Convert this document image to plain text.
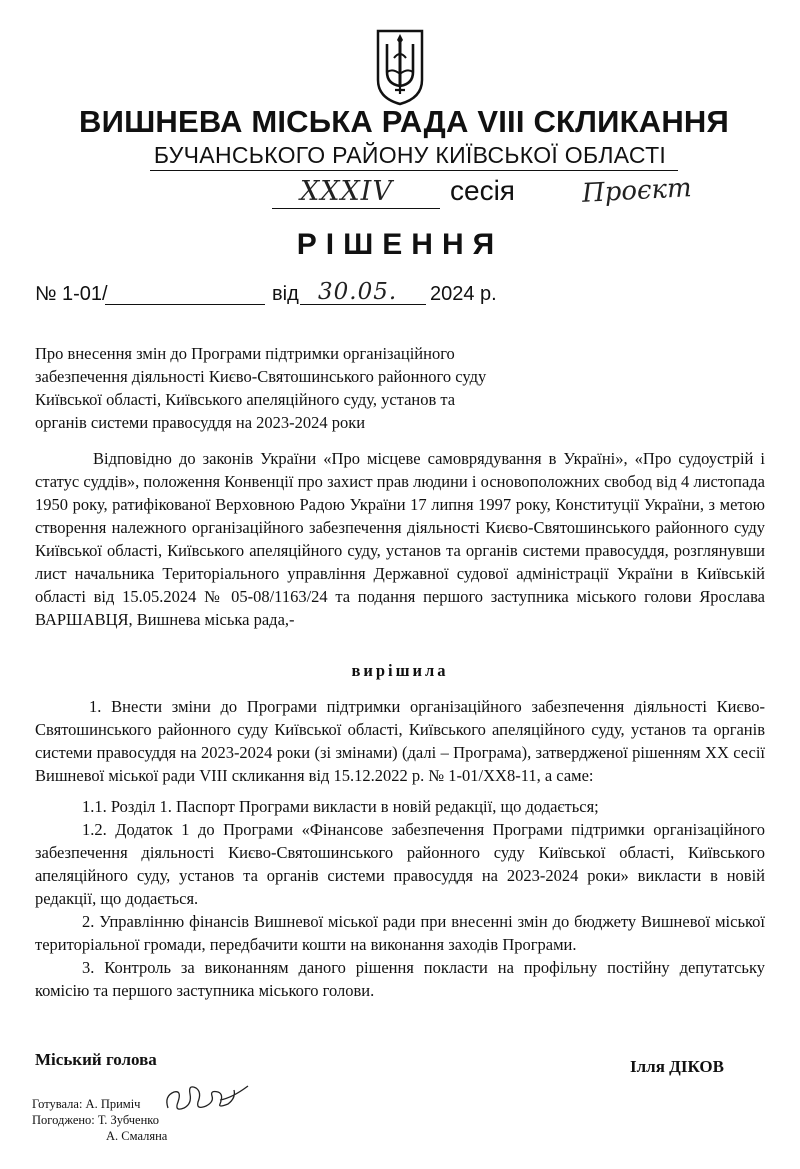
ВИШНЕВА МІСЬКА РАДА VIII СКЛИКАННЯ
БУЧАНСЬКОГО РАЙОНУ КИЇВСЬКОЇ ОБЛАСТІ
XXXIV сесія	Проєкт
РІШЕННЯ
№ 1-01/	від 30.05. 2024 р.
Про внесення змін до Програми підтримки організаційного забезпечення діяльності Києво-Святошинського районного суду Київської області, Київського апеляційного суду, установ та органів системи правосуддя на 2023-2024 роки
Відповідно до законів України «Про місцеве самоврядування в Україні», «Про судоустрій і статус суддів», положення Конвенції про захист прав людини і основоположних свобод від 4 листопада 1950 року, ратифікованої Верховною Радою України 17 липня 1997 року, Конституції України, з метою створення належного організаційного забезпечення діяльності Києво-Святошинського районного суду Київської області, Київського апеляційного суду, установ та органів системи правосуддя, розглянувши лист начальника Територіального управління Державної судової адміністрації України в Київській області від 15.05.2024 № 05-08/1163/24 та подання першого заступника міського голови Ярослава ВАРШАВЦЯ, Вишнева міська рада,-
вирішила
1. Внести зміни до Програми підтримки організаційного забезпечення діяльності Києво-Святошинського районного суду Київської області, Київського апеляційного суду, установ та органів системи правосуддя на 2023-2024 роки (зі змінами) (далі – Програма), затвердженої рішенням XX сесії Вишневої міської ради VIII скликання від 15.12.2022 р. № 1-01/XX8-11, а саме:
1.1. Розділ 1. Паспорт Програми викласти в новій редакції, що додається;
1.2. Додаток 1 до Програми «Фінансове забезпечення Програми підтримки організаційного забезпечення діяльності Києво-Святошинського районного суду Київської області, Київського апеляційного суду, установ та органів системи правосуддя на 2023-2024 роки» викласти в новій редакції, що додається.
2. Управлінню фінансів Вишневої міської ради при внесенні змін до бюджету Вишневої міської територіальної громади, передбачити кошти на виконання заходів Програми.
3. Контроль за виконанням даного рішення покласти на профільну постійну депутатську комісію та першого заступника міського голови.
Міський голова	Ілля ДІКОВ
Готувала: А. Приміч
Погоджено: Т. Зубченко
А. Смаляна
